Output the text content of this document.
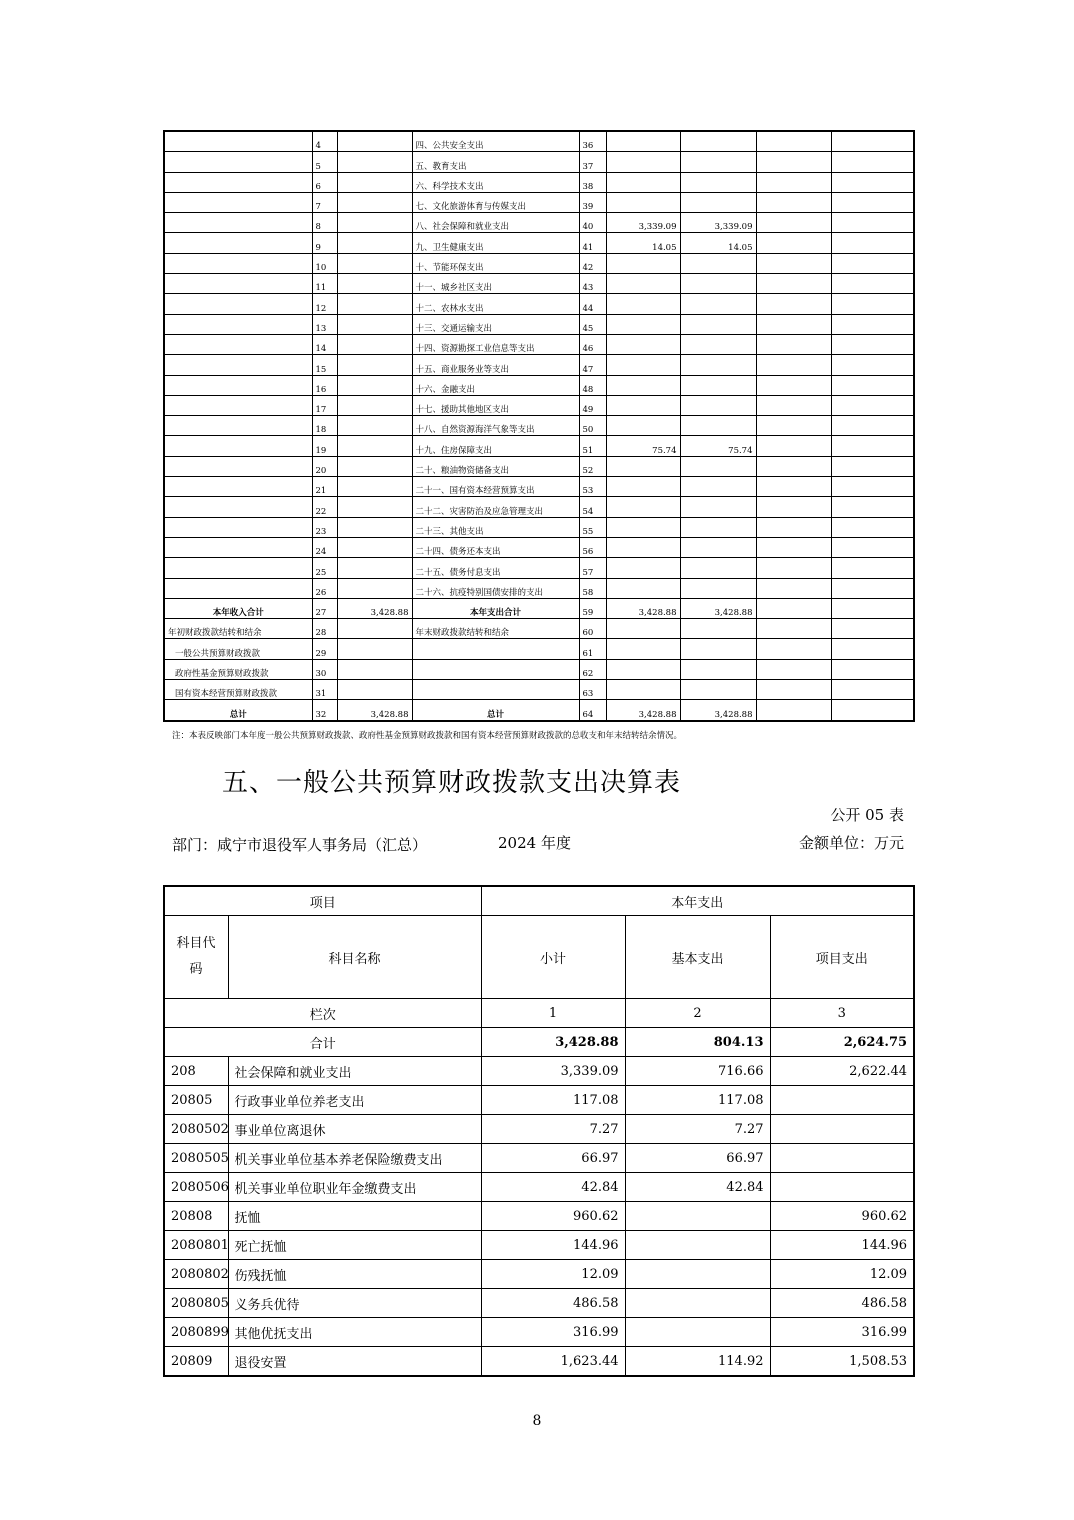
	4		四、公共安全支出	36				
	5		五、教育支出	37				
	6		六、科学技术支出	38				
	7		七、文化旅游体育与传媒支出	39				
	8		八、社会保障和就业支出	40	3,339.09	3,339.09		
	9		九、卫生健康支出	41	14.05	14.05		
	10		十、节能环保支出	42				
	11		十一、城乡社区支出	43				
	12		十二、农林水支出	44				
	13		十三、交通运输支出	45				
	14		十四、资源勘探工业信息等支出	46				
	15		十五、商业服务业等支出	47				
	16		十六、金融支出	48				
	17		十七、援助其他地区支出	49				
	18		十八、自然资源海洋气象等支出	50				
	19		十九、住房保障支出	51	75.74	75.74		
	20		二十、粮油物资储备支出	52				
	21		二十一、国有资本经营预算支出	53				
	22		二十二、灾害防治及应急管理支出	54				
	23		二十三、其他支出	55				
	24		二十四、债务还本支出	56				
	25		二十五、债务付息支出	57				
	26		二十六、抗疫特别国债安排的支出	58				
本年收入合计	27	3,428.88	本年支出合计	59	3,428.88	3,428.88		
年初财政拨款结转和结余	28		年末财政拨款结转和结余	60				
一般公共预算财政拨款	29			61				
政府性基金预算财政拨款	30			62				
国有资本经营预算财政拨款	31			63				
总计	32	3,428.88	总计	64	3,428.88	3,428.88		
注：本表反映部门本年度一般公共预算财政拨款、政府性基金预算财政拨款和国有资本经营预算财政拨款的总收支和年末结转结余情况。
五、一般公共预算财政拨款支出决算表
公开 05 表
部门：咸宁市退役军人事务局（汇总）	2024 年度	金额单位：万元
项目		本年支出		

科目代码	科目名称	小计	基本支出	项目支出
栏次		1	2	3
合计		3,428.88	804.13	2,624.75
208	社会保障和就业支出	3,339.09	716.66	2,622.44
20805	行政事业单位养老支出	117.08	117.08	
2080502	事业单位离退休	7.27	7.27	
2080505	机关事业单位基本养老保险缴费支出	66.97	66.97	
2080506	机关事业单位职业年金缴费支出	42.84	42.84	
20808	抚恤	960.62		960.62
2080801	死亡抚恤	144.96		144.96
2080802	伤残抚恤	12.09		12.09
2080805	义务兵优待	486.58		486.58
2080899	其他优抚支出	316.99		316.99
20809	退役安置	1,623.44	114.92	1,508.53
8
